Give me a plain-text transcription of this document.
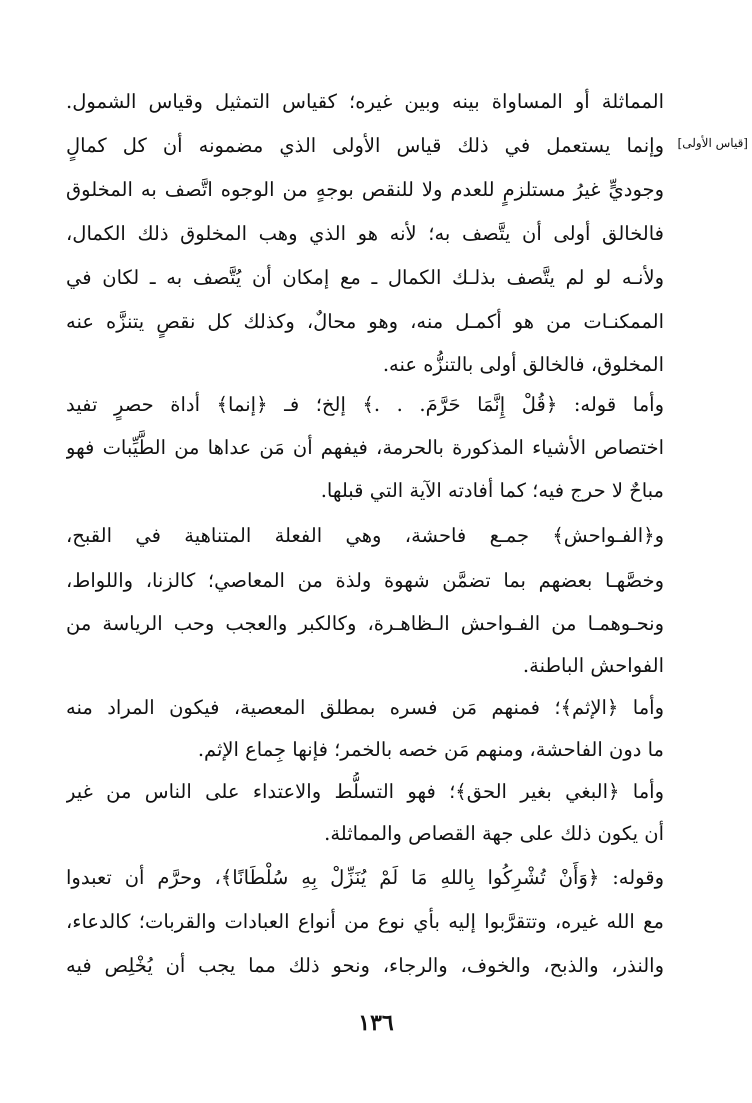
[قياس الأولى]
المماثلة أو المساواة بينه وبين غيره؛ كقياس التمثيل وقياس الشمول.
وإنما يستعمل في ذلك قياس الأولى الذي مضمونه أن كل كمالٍ
وجوديٍّ غيرُ مستلزمٍ للعدم ولا للنقص بوجهٍ من الوجوه اتَّصف به المخلوق
فالخالق أولى أن يتَّصف به؛ لأنه هو الذي وهب المخلوق ذلك الكمال،
ولأنـه لو لم يتَّصف بذلـك الكمال ـ مع إمكان أن يُتَّصف به ـ لكان في
الممكنـات من هو أكمـل منه، وهو محالٌ، وكذلك كل نقصٍ يتنزَّه عنه
المخلوق، فالخالق أولى بالتنزُّه عنه.
وأما قوله: ﴿قُلْ إِنَّمَا حَرَّمَ. . .﴾ إلخ؛ فـ ﴿إنما﴾ أداة حصرٍ تفيد
اختصاص الأشياء المذكورة بالحرمة، فيفهم أن مَن عداها من الطَّيِّبات فهو
مباحٌ لا حرج فيه؛ كما أفادته الآية التي قبلها.
و﴿الفـواحش﴾ جمـع فاحشة، وهي الفعلة المتناهية في القبح،
وخصَّهـا بعضهم بما تضمَّن شهوة ولذة من المعاصي؛ كالزنا، واللواط،
ونحـوهمـا من الفـواحش الـظاهـرة، وكالكبر والعجب وحب الرياسة من
الفواحش الباطنة.
وأما ﴿الإثم﴾؛ فمنهم مَن فسره بمطلق المعصية، فيكون المراد منه
ما دون الفاحشة، ومنهم مَن خصه بالخمر؛ فإنها جِماع الإثم.
وأما ﴿البغي بغير الحق﴾؛ فهو التسلُّط والاعتداء على الناس من غير
أن يكون ذلك على جهة القصاص والمماثلة.
وقوله: ﴿وَأَنْ تُشْرِكُوا بِاللهِ مَا لَمْ يُنَزِّلْ بِهِ سُلْطَانًا﴾، وحرَّم أن تعبدوا
مع الله غيره، وتتقرَّبوا إليه بأي نوع من أنواع العبادات والقربات؛ كالدعاء،
والنذر، والذبح، والخوف، والرجاء، ونحو ذلك مما يجب أن يُخْلِص فيه
١٣٦
